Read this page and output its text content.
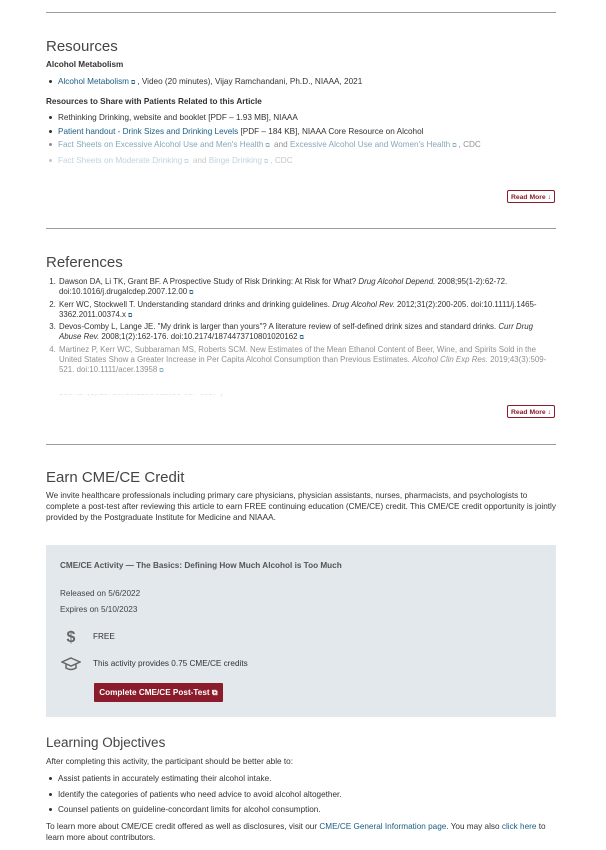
Resources
Alcohol Metabolism
Alcohol Metabolism ⧉ , Video (20 minutes), Vijay Ramchandani, Ph.D., NIAAA, 2021
Resources to Share with Patients Related to this Article
Rethinking Drinking, website and booklet [PDF – 1.93 MB], NIAAA
Patient handout - Drink Sizes and Drinking Levels [PDF – 184 KB], NIAAA Core Resource on Alcohol
Fact Sheets on Excessive Alcohol Use and Men's Health ⧉ and Excessive Alcohol Use and Women's Health ⧉ , CDC
Fact Sheets on Moderate Drinking ⧉ and Binge Drinking ⧉ , CDC
Read More ↓
References
1. Dawson DA, Li TK, Grant BF. A Prospective Study of Risk Drinking: At Risk for What? Drug Alcohol Depend. 2008;95(1-2):62-72. doi:10.1016/j.drugalcdep.2007.12.00 ⧉
2. Kerr WC, Stockwell T. Understanding standard drinks and drinking guidelines. Drug Alcohol Rev. 2012;31(2):200-205. doi:10.1111/j.1465-3362.2011.00374.x ⧉
3. Devos-Comby L, Lange JE. "My drink is larger than yours"? A literature review of self-defined drink sizes and standard drinks. Curr Drug Abuse Rev. 2008;1(2):162-176. doi:10.2174/1874473710801020162 ⧉
4. Martinez P, Kerr WC, Subbaraman MS, Roberts SCM. New Estimates of the Mean Ethanol Content of Beer, Wine, and Spirits Sold in the United States Show a Greater Increase in Per Capita Alcohol Consumption than Previous Estimates. Alcohol Clin Exp Res. 2019;43(3):509-521. doi:10.1111/acer.13958 ⧉
5.
Read More ↓
Earn CME/CE Credit
We invite healthcare professionals including primary care physicians, physician assistants, nurses, pharmacists, and psychologists to complete a post-test after reviewing this article to earn FREE continuing education (CME/CE) credit. This CME/CE credit opportunity is jointly provided by the Postgraduate Institute for Medicine and NIAAA.
CME/CE Activity — The Basics: Defining How Much Alcohol is Too Much
Released on 5/6/2022
Expires on 5/10/2023
$	FREE
This activity provides 0.75 CME/CE credits
Complete CME/CE Post-Test ⧉
Learning Objectives
After completing this activity, the participant should be better able to:
Assist patients in accurately estimating their alcohol intake.
Identify the categories of patients who need advice to avoid alcohol altogether.
Counsel patients on guideline-concordant limits for alcohol consumption.
To learn more about CME/CE credit offered as well as disclosures, visit our CME/CE General Information page. You may also click here to learn more about contributors.
